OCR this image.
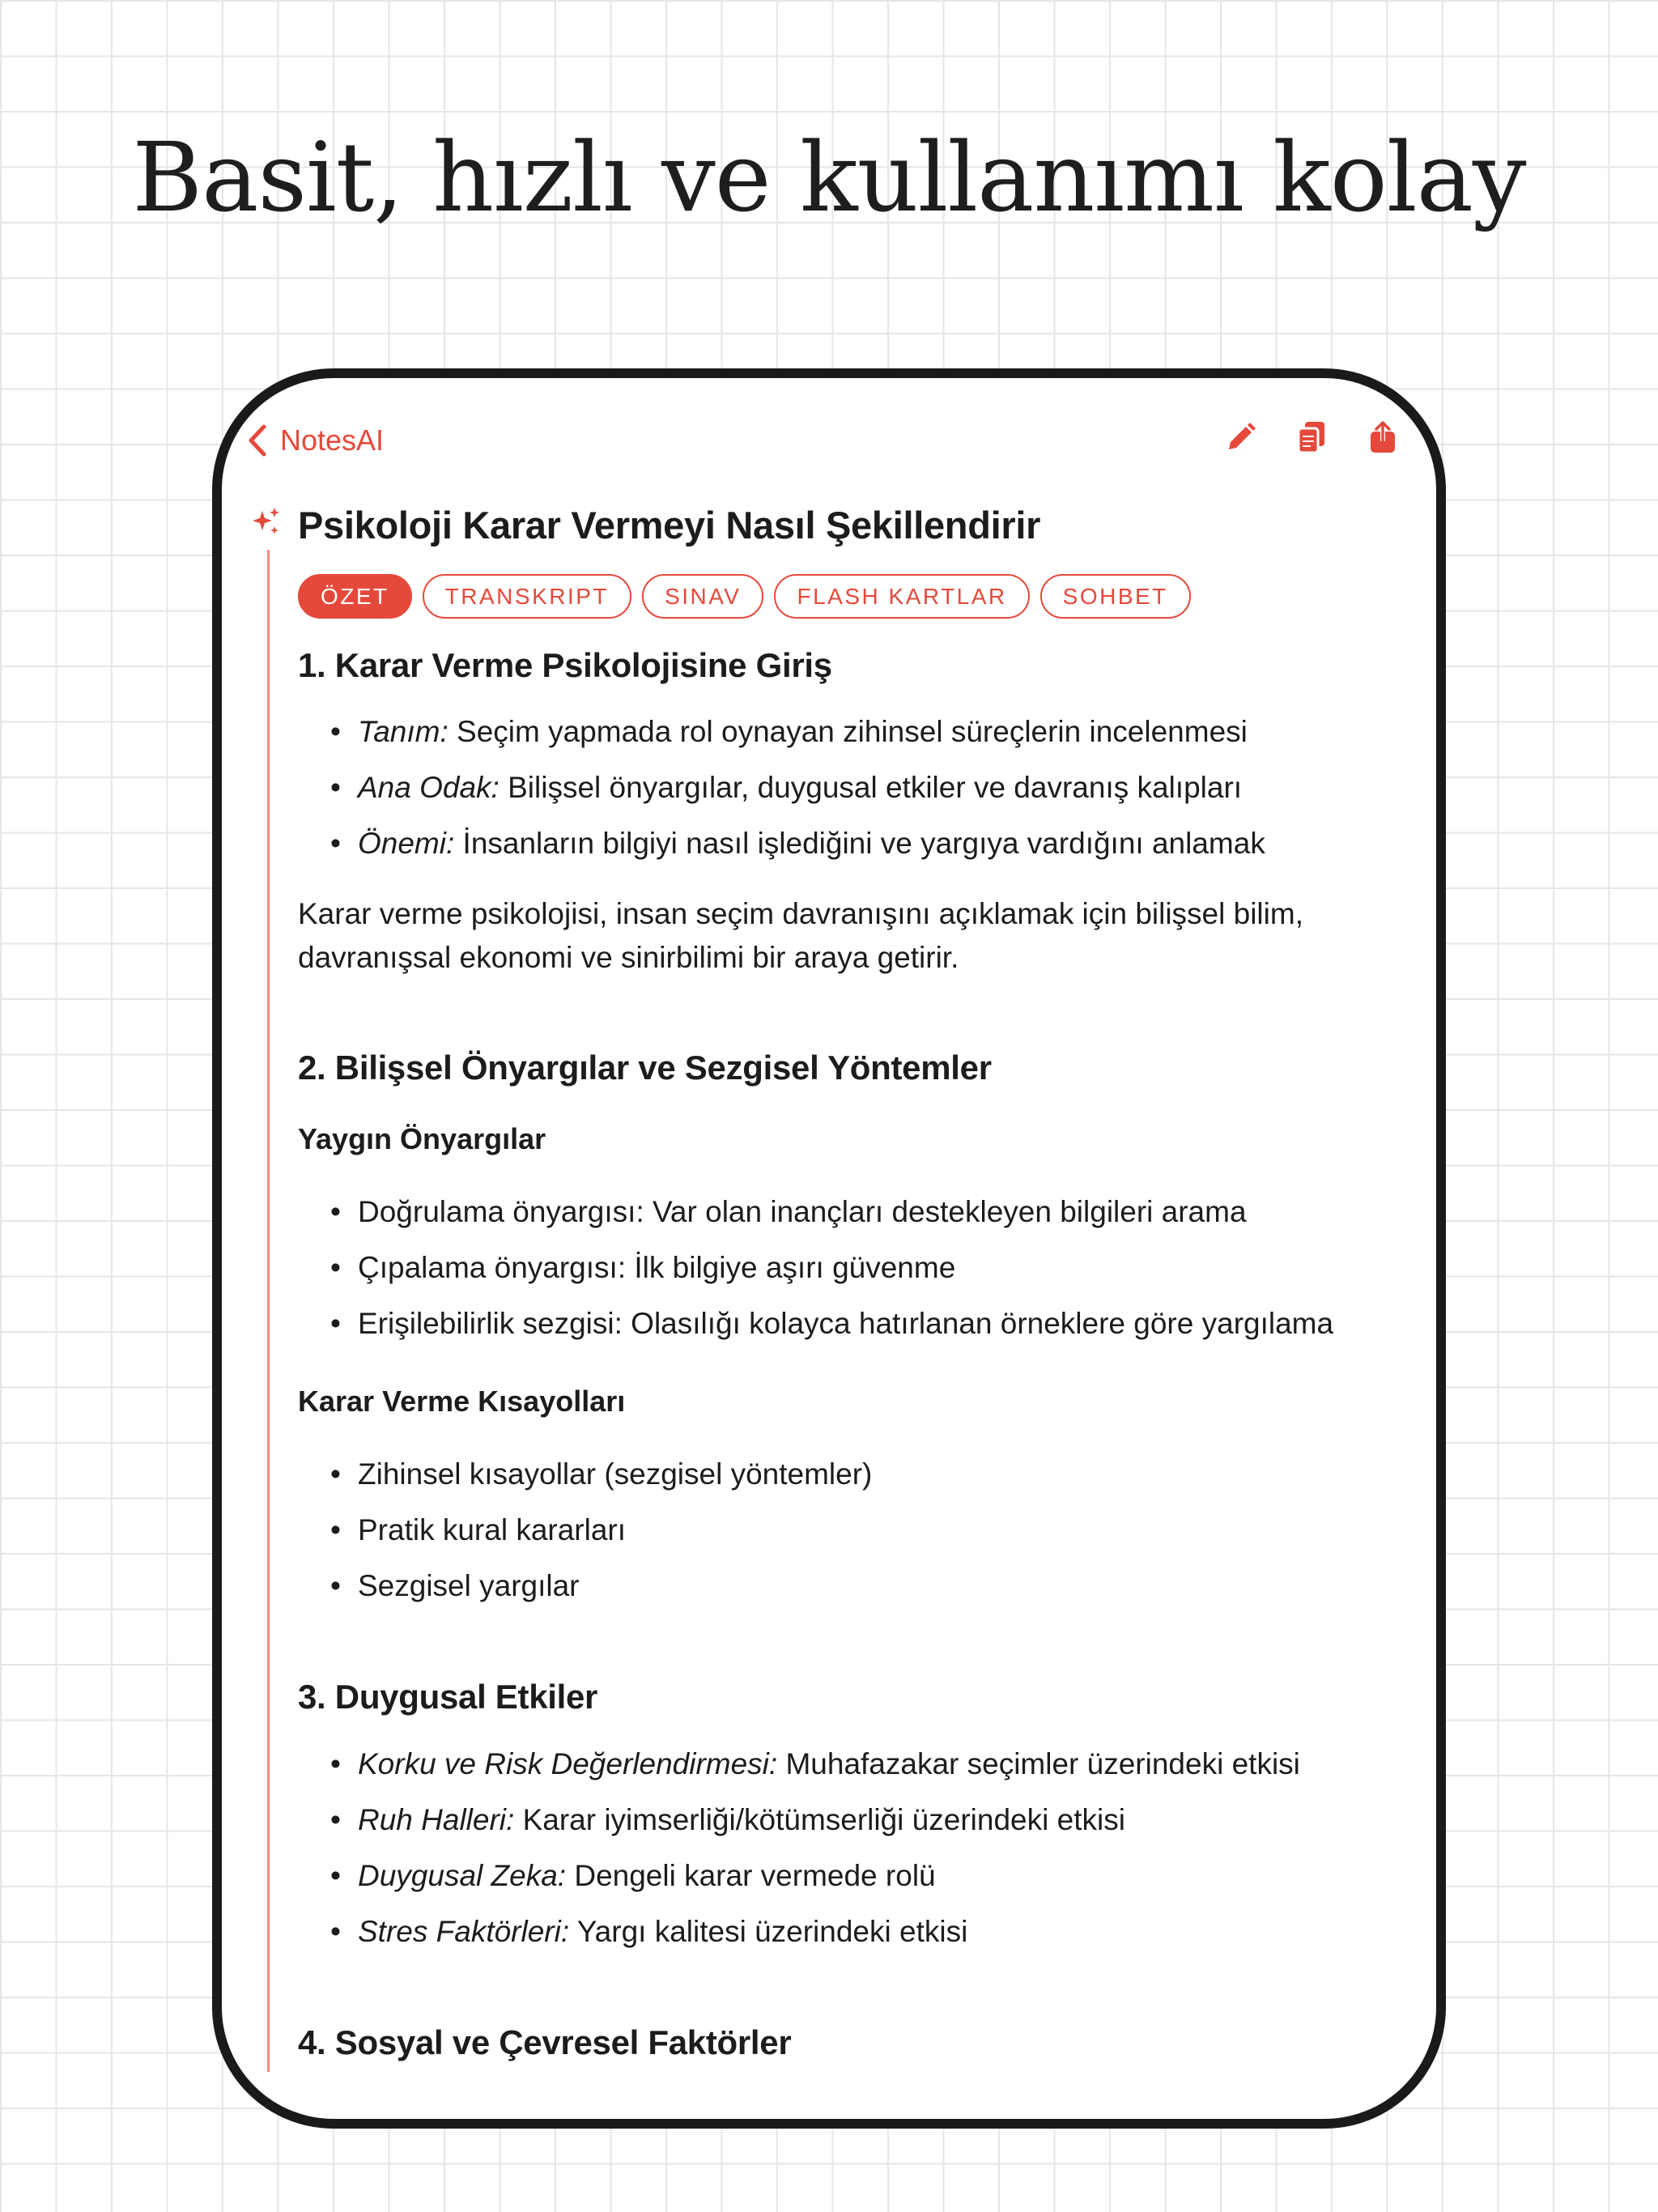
Basit, hızlı ve kullanımı kolay
NotesAI
Psikoloji Karar Vermeyi Nasıl Şekillendirir
ÖZET	TRANSKRIPT	SINAV	FLASH KARTLAR	SOHBET
1. Karar Verme Psikolojisine Giriş
• Tanım: Seçim yapmada rol oynayan zihinsel süreçlerin incelenmesi
• Ana Odak: Bilişsel önyargılar, duygusal etkiler ve davranış kalıpları
• Önemi: İnsanların bilgiyi nasıl işlediğini ve yargıya vardığını anlamak

Karar verme psikolojisi, insan seçim davranışını açıklamak için bilişsel bilim, davranışsal ekonomi ve sinirbilimi bir araya getirir.

2. Bilişsel Önyargılar ve Sezgisel Yöntemler
Yaygın Önyargılar
• Doğrulama önyargısı: Var olan inançları destekleyen bilgileri arama
• Çıpalama önyargısı: İlk bilgiye aşırı güvenme
• Erişilebilirlik sezgisi: Olasılığı kolayca hatırlanan örneklere göre yargılama
Karar Verme Kısayolları
• Zihinsel kısayollar (sezgisel yöntemler)
• Pratik kural kararları
• Sezgisel yargılar
3. Duygusal Etkiler
• Korku ve Risk Değerlendirmesi: Muhafazakar seçimler üzerindeki etkisi
• Ruh Halleri: Karar iyimserliği/kötümserliği üzerindeki etkisi
• Duygusal Zeka: Dengeli karar vermede rolü
• Stres Faktörleri: Yargı kalitesi üzerindeki etkisi
4. Sosyal ve Çevresel Faktörler
